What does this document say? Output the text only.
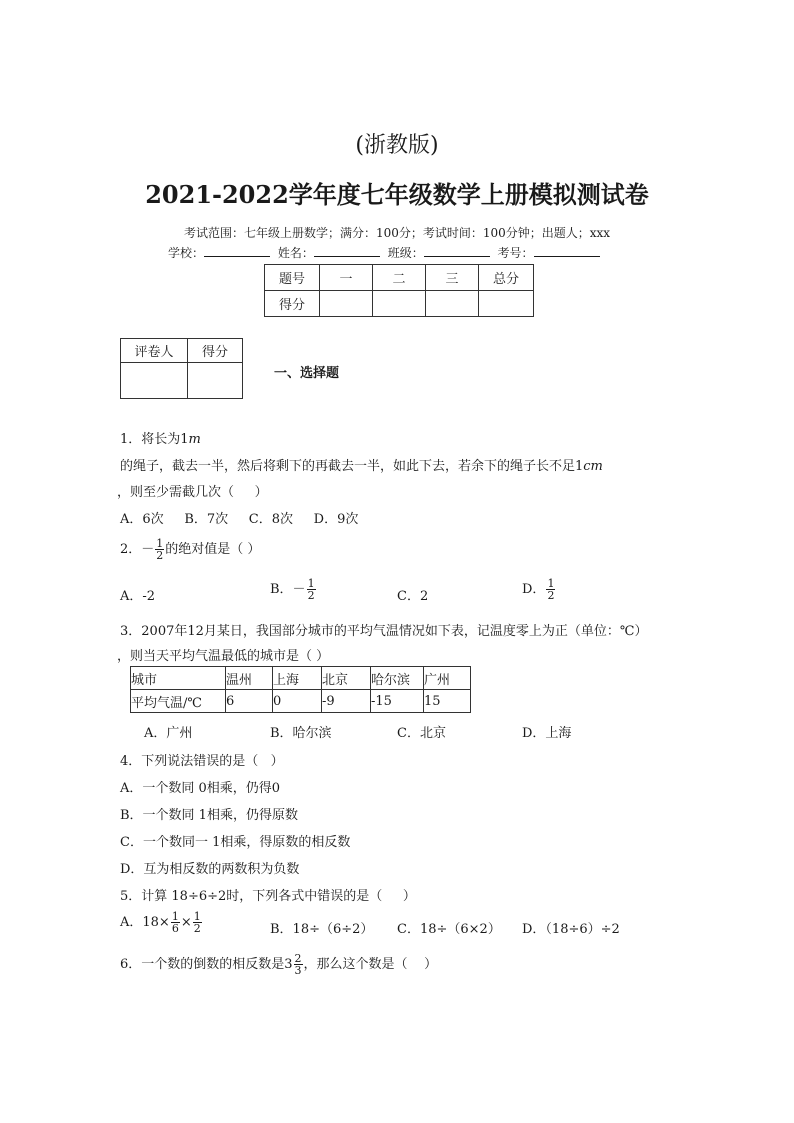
(浙教版)
2021-2022学年度七年级数学上册模拟测试卷
考试范围：七年级上册数学；满分：100分；考试时间：100分钟；出题人；xxx
学校：	姓名：	班级：	考号：
题号	一	二	三	总分
得分				
评卷人	得分

一、选择题
1．将长为1m
的绳子，截去一半，然后将剩下的再截去一半，如此下去，若余下的绳子长不足1cm
，则至少需截几次（     ）
A．6次     B．7次     C．8次     D．9次
2．－ $\frac{1}{2}$ 的绝对值是（ ）
A．-2	B．－ $\frac{1}{2}$	C．2	D． $\frac{1}{2}$
3．2007年12月某日，我国部分城市的平均气温情况如下表，记温度零上为正（单位：℃）
，则当天平均气温最低的城市是（ ）
城市	温州	上海	北京	哈尔滨	广州
平均气温/℃	6	0	-9	-15	15
A．广州	B．哈尔滨	C．北京	D．上海
4．下列说法错误的是（   ）
A．一个数同 0相乘，仍得0
B．一个数同 1相乘，仍得原数
C．一个数同一 1相乘，得原数的相反数
D．互为相反数的两数积为负数
5．计算 18÷6÷2时，下列各式中错误的是（     ）
A．$18\times \frac{1}{6} \times \frac{1}{2}$	B．18÷（6÷2） C．18÷（6×2） D．（18÷6）÷2
6．一个数的倒数的相反数是$3 \frac{2}{3}$ ，那么这个数是（    ）
